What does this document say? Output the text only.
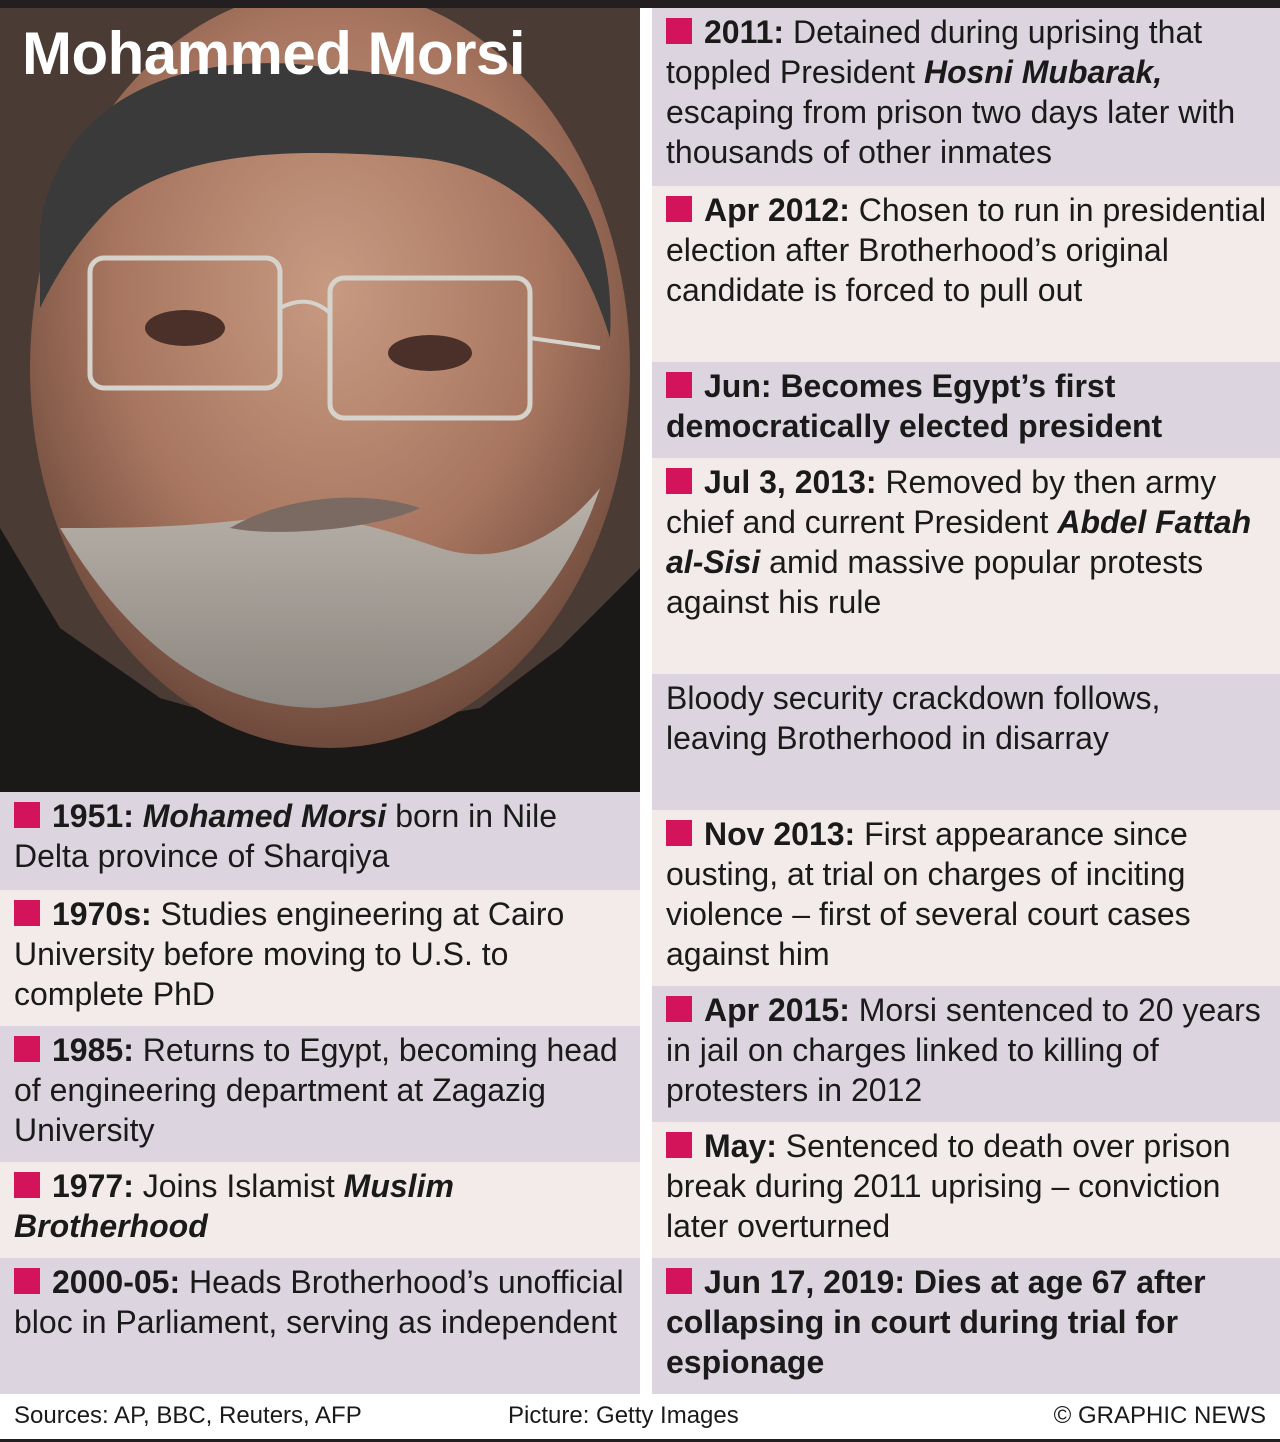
Mohammed Morsi
1951: Mohamed Morsi born in Nile Delta province of Sharqiya
1970s: Studies engineering at Cairo University before moving to U.S. to complete PhD
1985: Returns to Egypt, becoming head of engineering department at Zagazig University
1977: Joins Islamist Muslim Brotherhood
2000-05: Heads Brotherhood’s unofficial bloc in Parliament, serving as independent
2011: Detained during uprising that toppled President Hosni Mubarak, escaping from prison two days later with thousands of other inmates
Apr 2012: Chosen to run in presidential election after Brotherhood’s original candidate is forced to pull out
Jun: Becomes Egypt’s first democratically elected president
Jul 3, 2013: Removed by then army chief and current President Abdel Fattah al-Sisi amid massive popular protests against his rule
Bloody security crackdown follows, leaving Brotherhood in disarray
Nov 2013: First appearance since ousting, at trial on charges of inciting violence – first of several court cases against him
Apr 2015: Morsi sentenced to 20 years in jail on charges linked to killing of protesters in 2012
May: Sentenced to death over prison break during 2011 uprising – conviction later overturned
Jun 17, 2019: Dies at age 67 after collapsing in court during trial for espionage
Sources: AP, BBC, Reuters, AFP	Picture: Getty Images	© GRAPHIC NEWS
